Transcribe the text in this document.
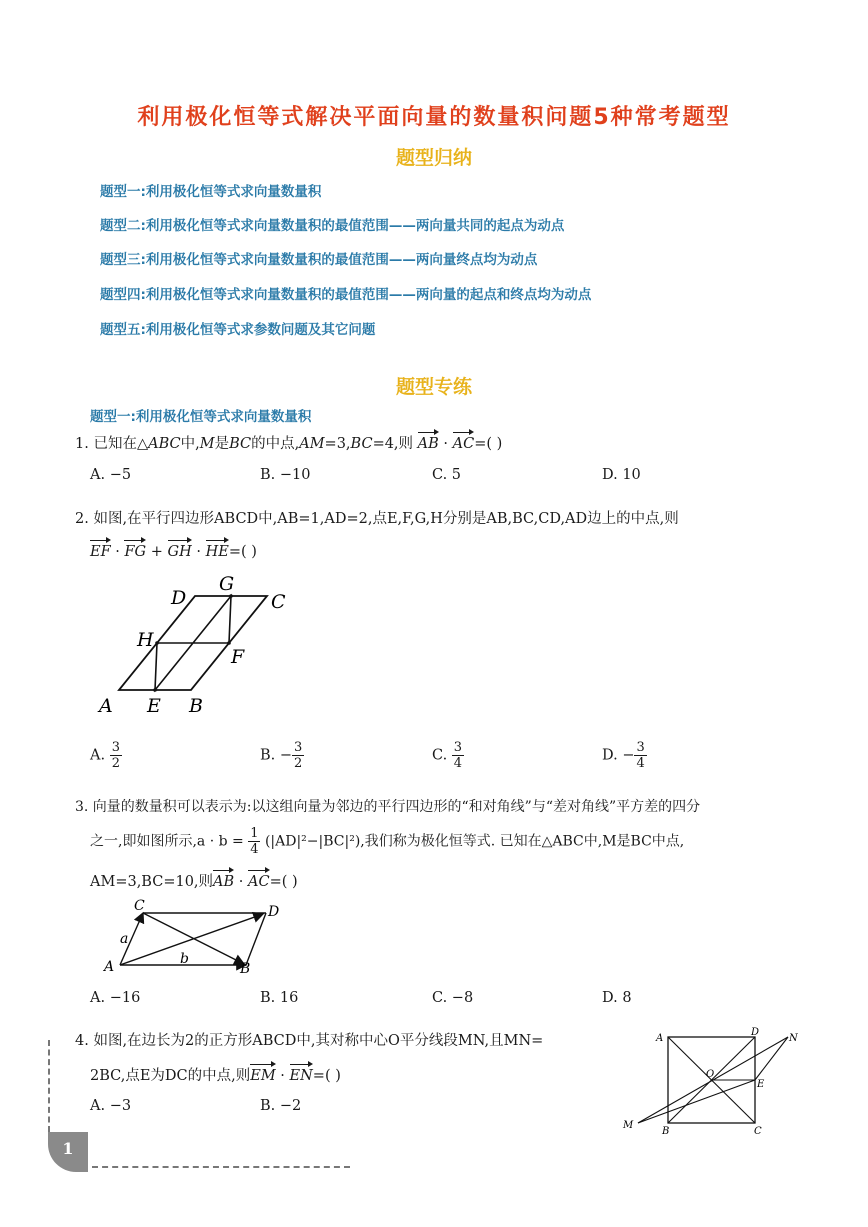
利用极化恒等式解决平面向量的数量积问题5种常考题型
题型归纳
题型一:利用极化恒等式求向量数量积
题型二:利用极化恒等式求向量数量积的最值范围——两向量共同的起点为动点
题型三:利用极化恒等式求向量数量积的最值范围——两向量终点均为动点
题型四:利用极化恒等式求向量数量积的最值范围——两向量的起点和终点均为动点
题型五:利用极化恒等式求参数问题及其它问题
题型专练
题型一:利用极化恒等式求向量数量积
1. 已知在△ABC中,M是BC的中点,AM=3,BC=4,则 AB · AC=( )
A. −5	B. −10	C. 5	D. 10
2. 如图,在平行四边形ABCD中,AB=1,AD=2,点E,F,G,H分别是AB,BC,CD,AD边上的中点,则
EF · FG + GH · HE=( )
D
G
C
H
F
A E B
A. $\frac{3}{2}$	B. − $\frac{3}{2}$	C. $\frac{3}{4}$	D. − $\frac{3}{4}$
3. 向量的数量积可以表示为:以这组向量为邻边的平行四边形的“和对角线”与“差对角线”平方差的四分
之一,即如图所示$,a \cdot b = \frac{1}{4} (|AD|^2-|BC|^2)$,我们称为极化恒等式. 已知在△ABC中,M是BC中点,
AM=3,BC=10,则AB · AC=( )
C	D
a
b
A	B
A. −16	B. 16	C. −8	D. 8
4. 如图,在边长为2的正方形ABCD中,其对称中心O平分线段MN,且MN=
2BC,点E为DC的中点,则EM · EN=( )
A. −3	B. −2
A
D
N
O
E
M
B	C
1
